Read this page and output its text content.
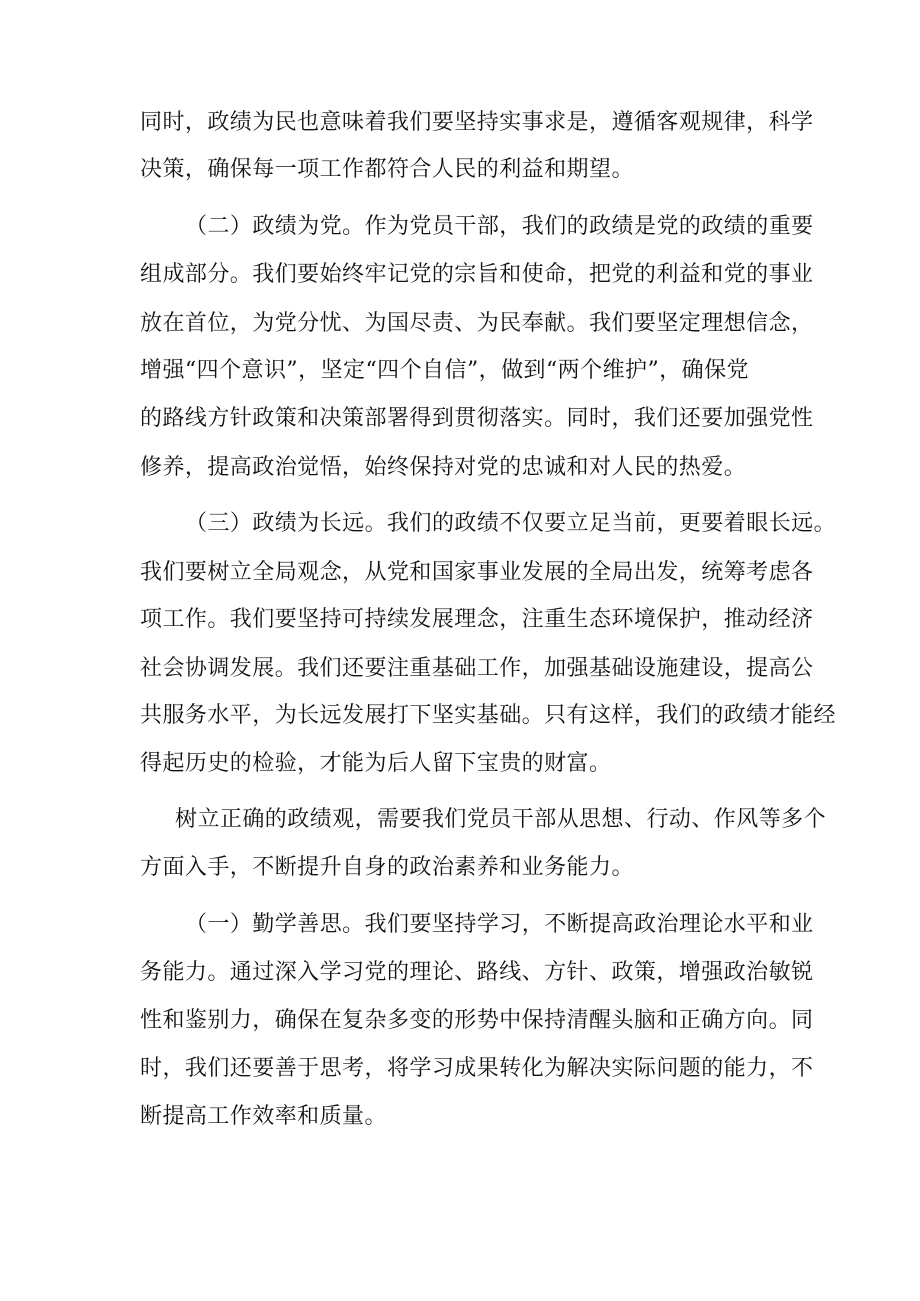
同时，政绩为民也意味着我们要坚持实事求是，遵循客观规律，科学
决策，确保每一项工作都符合人民的利益和期望。
（二）政绩为党。作为党员干部，我们的政绩是党的政绩的重要
组成部分。我们要始终牢记党的宗旨和使命，把党的利益和党的事业
放在首位，为党分忧、为国尽责、为民奉献。我们要坚定理想信念，
增强“四个意识”，坚定“四个自信”，做到“两个维护”，确保党
的路线方针政策和决策部署得到贯彻落实。同时，我们还要加强党性
修养，提高政治觉悟，始终保持对党的忠诚和对人民的热爱。
（三）政绩为长远。我们的政绩不仅要立足当前，更要着眼长远。
我们要树立全局观念，从党和国家事业发展的全局出发，统筹考虑各
项工作。我们要坚持可持续发展理念，注重生态环境保护，推动经济
社会协调发展。我们还要注重基础工作，加强基础设施建设，提高公
共服务水平，为长远发展打下坚实基础。只有这样，我们的政绩才能经
得起历史的检验，才能为后人留下宝贵的财富。
树立正确的政绩观，需要我们党员干部从思想、行动、作风等多个
方面入手，不断提升自身的政治素养和业务能力。
（一）勤学善思。我们要坚持学习，不断提高政治理论水平和业
务能力。通过深入学习党的理论、路线、方针、政策，增强政治敏锐
性和鉴别力，确保在复杂多变的形势中保持清醒头脑和正确方向。同
时，我们还要善于思考，将学习成果转化为解决实际问题的能力，不
断提高工作效率和质量。
